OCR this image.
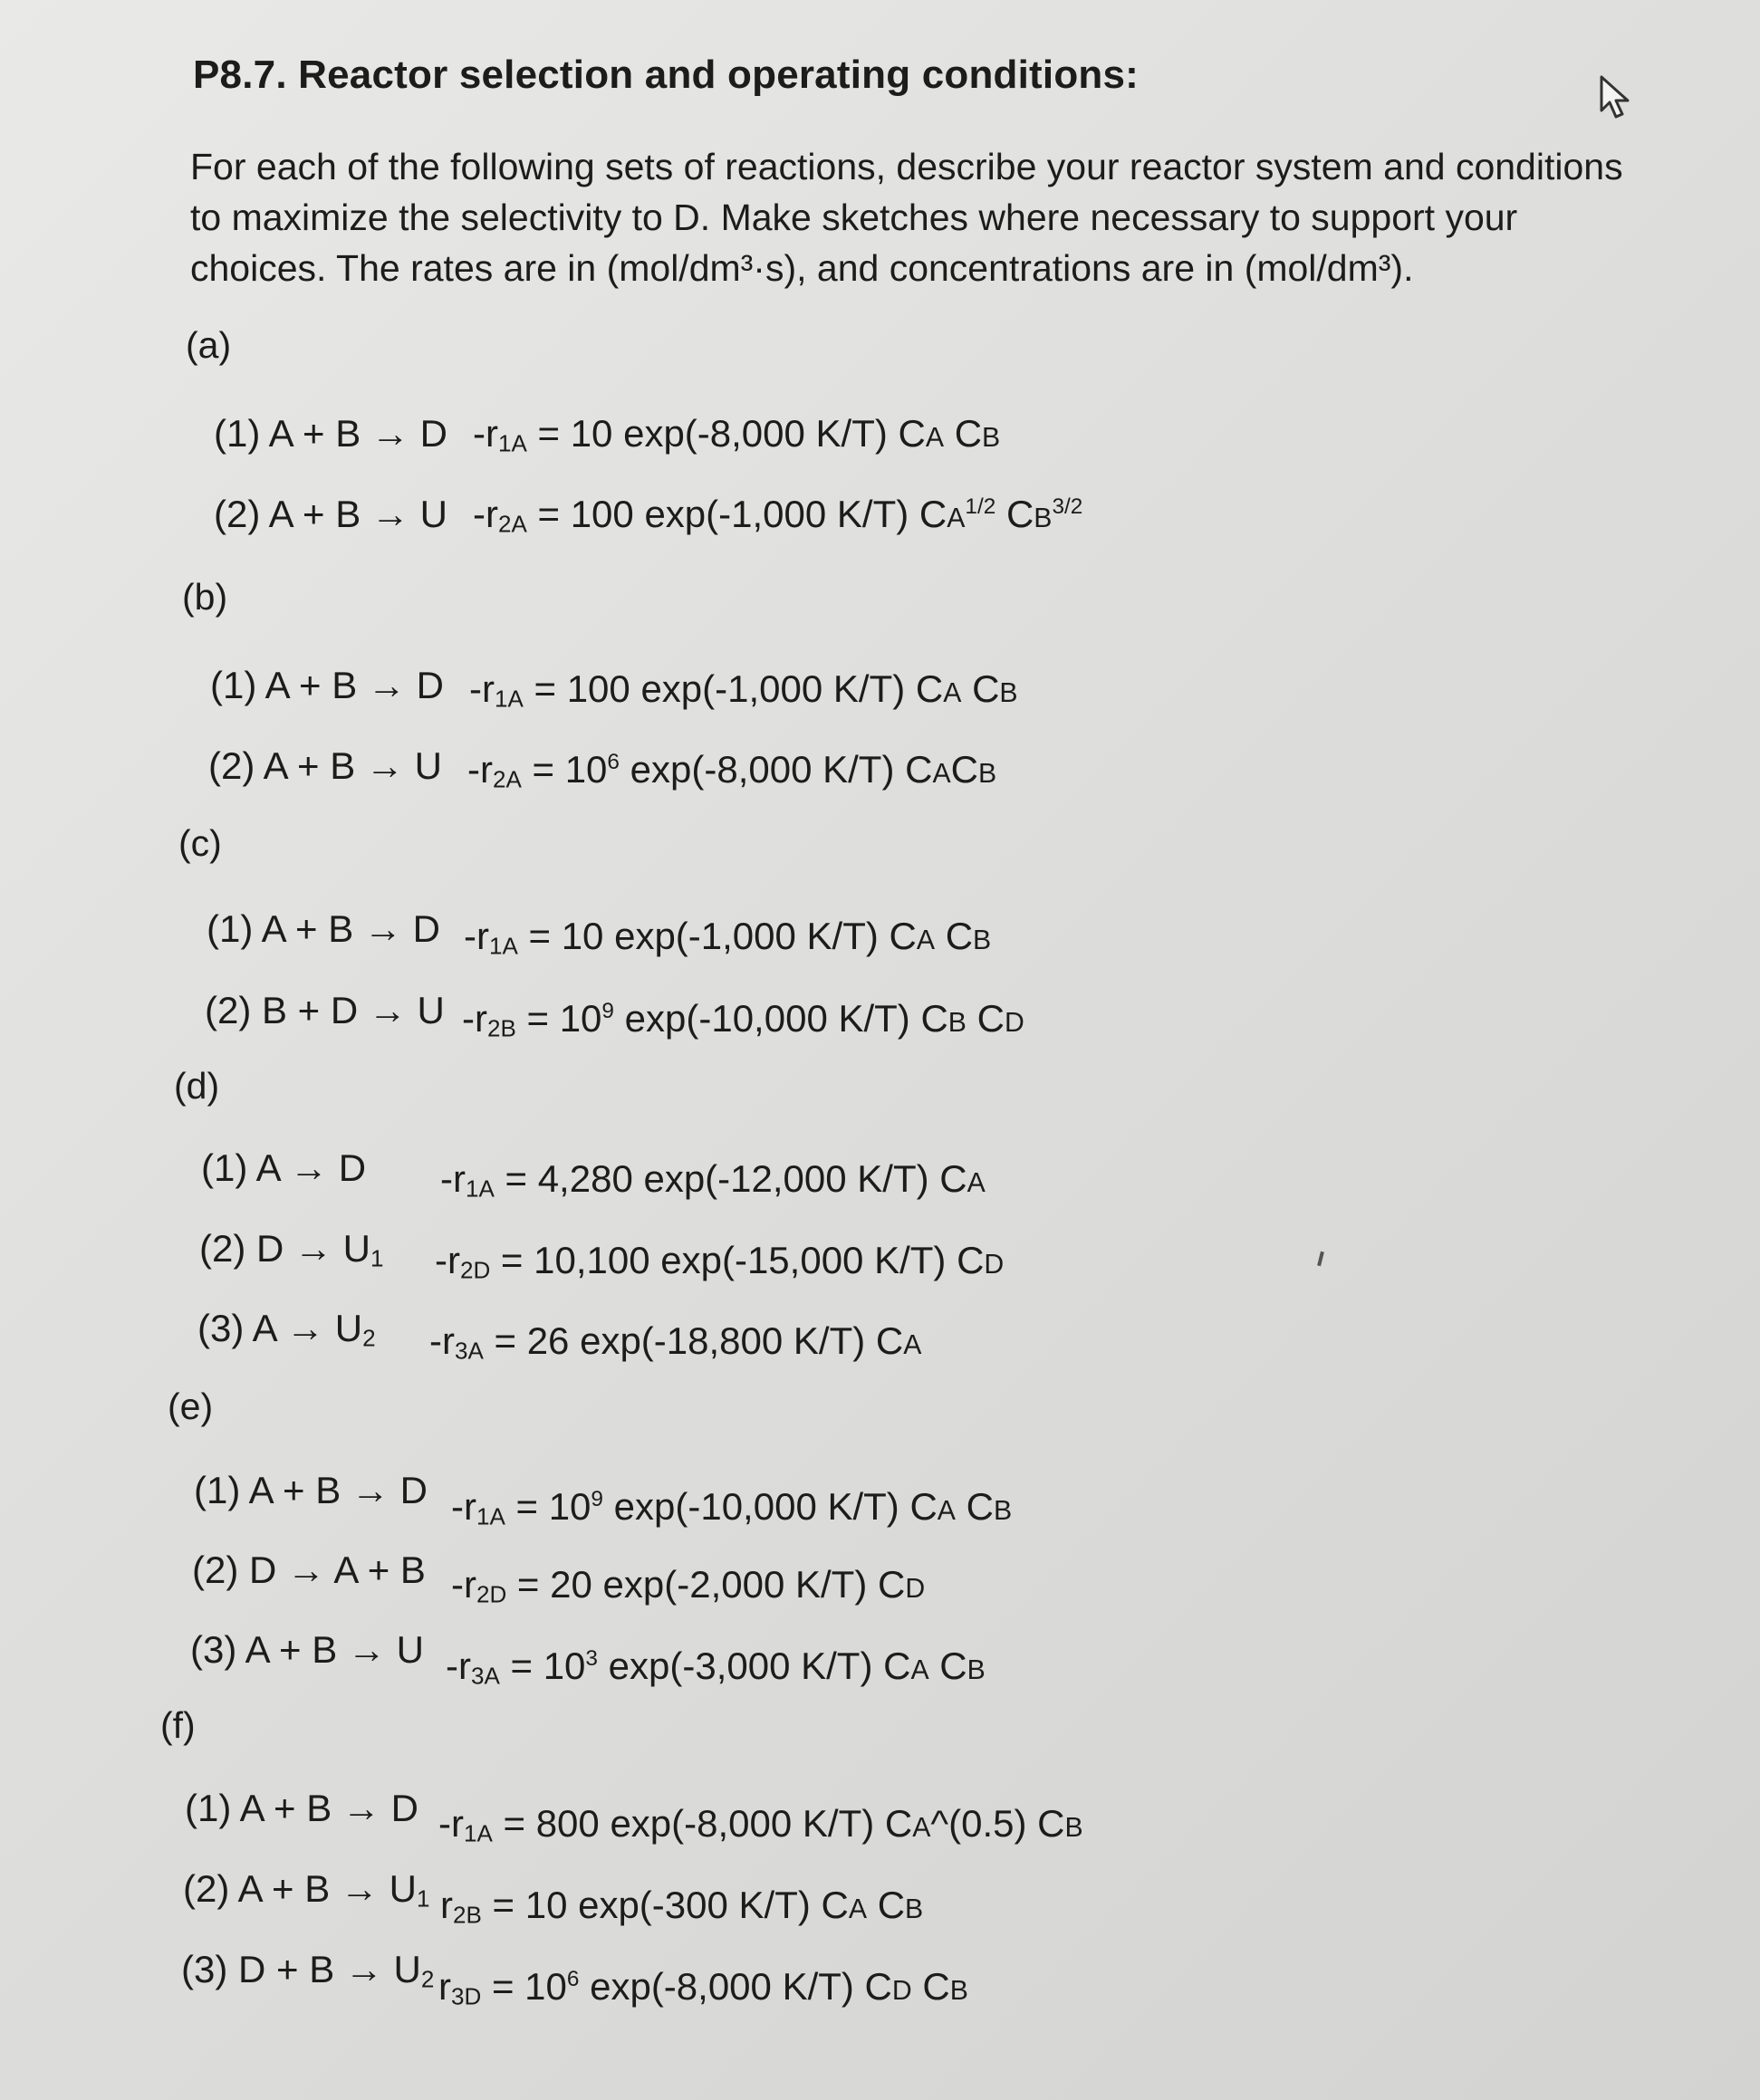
P8.7. Reactor selection and operating conditions:

For each of the following sets of reactions, describe your reactor system and conditions

to maximize the selectivity to D. Make sketches where necessary to support your

choices. The rates are in (mol/dm³·s), and concentrations are in (mol/dm³).

(a)
(1) A + B → D $-r_{1A} = 10$ exp(-8,000 K/T) CA CB
(2) A + B → U $-r_{2A} = 100$ exp(-1,000 K/T) $CA^{1/2}$ $CB^{3/2}$
(b)
(1) A + B → D $-r_{1A} = 100$ exp(-1,000 K/T) CA CB
(2) A + B → U $-r_{2A} = 10^6$ exp(-8,000 K/T) CACB
(c)
(1) A + B → D $-r_{1A} = 10$ exp(-1,000 K/T) CA CB
(2) B + D → U $-r_{2B} = 10^9$ exp(-10,000 K/T) CB CD
(d)
(1) A → D $-r_{1A} = 4,280$ exp(-12,000 K/T) CA
(2) $D \to U_1$ $-r_{2D} = 10,100$ exp(-15,000 K/T) CD
(3) $A \to U_2$ $-r_{3A} = 26$ exp(-18,800 K/T) CA
(e)
(1) A + B → D $-r_{1A} = 10^9$ exp(-10,000 K/T) CA CB
(2) D → A + B $-r_{2D} = 20$ exp(-2,000 K/T) CD
(3) A + B → U $-r_{3A} = 10^3$ exp(-3,000 K/T) CA CB
(f)
(1) A + B → D $-r_{1A} = 800$ exp(-8,000 K/T) CA^(0.5) CB
(2) $A + B \to U_1$ $r_{2B} = 10$ exp(-300 K/T) CA CB
(3) $D + B \to U_2$ $r_{3D} = 10^6$ exp(-8,000 K/T) CD CB
